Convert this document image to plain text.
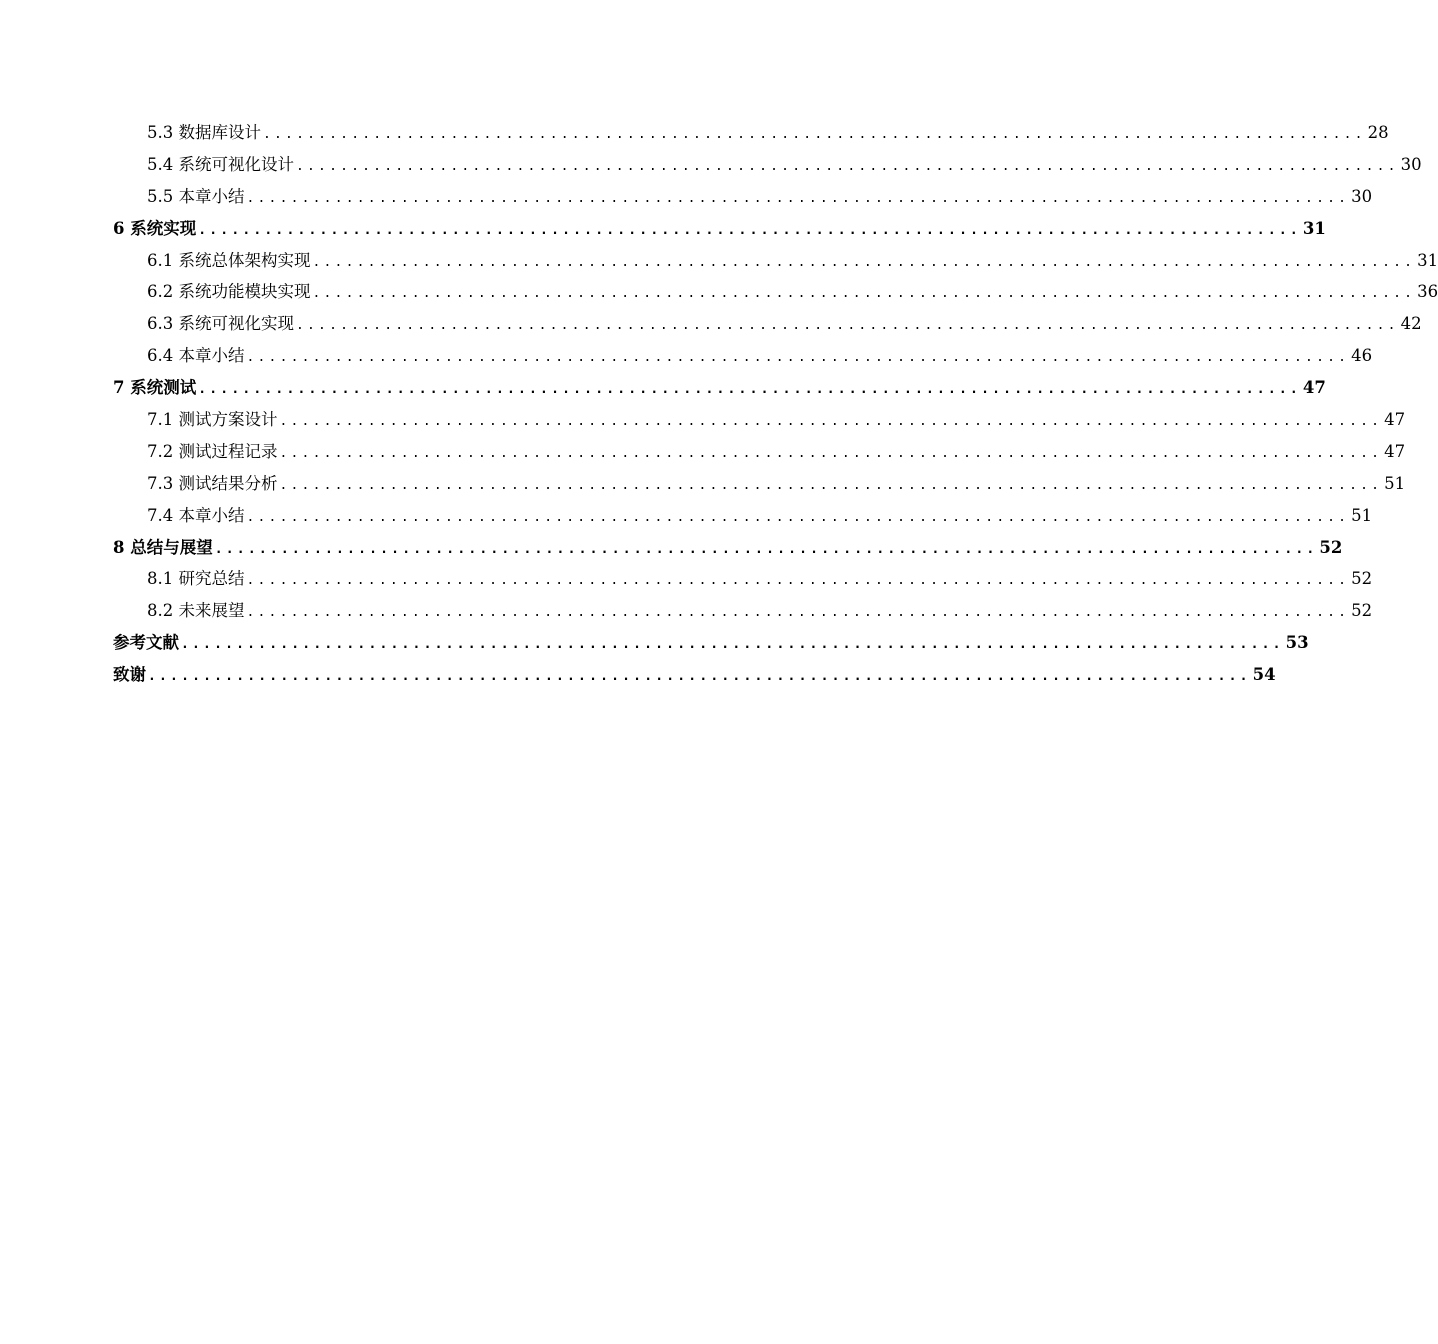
5.3 数据库设计 .................................................................................................... 28
5.4 系统可视化设计 .................................................................................................... 30
5.5 本章小结 .................................................................................................... 30
6 系统实现 .................................................................................................... 31
6.1 系统总体架构实现 .................................................................................................... 31
6.2 系统功能模块实现 .................................................................................................... 36
6.3 系统可视化实现 .................................................................................................... 42
6.4 本章小结 .................................................................................................... 46
7 系统测试 .................................................................................................... 47
7.1 测试方案设计 .................................................................................................... 47
7.2 测试过程记录 .................................................................................................... 47
7.3 测试结果分析 .................................................................................................... 51
7.4 本章小结 .................................................................................................... 51
8 总结与展望 .................................................................................................... 52
8.1 研究总结 .................................................................................................... 52
8.2 未来展望 .................................................................................................... 52
参考文献 .................................................................................................... 53
致谢 .................................................................................................... 54
